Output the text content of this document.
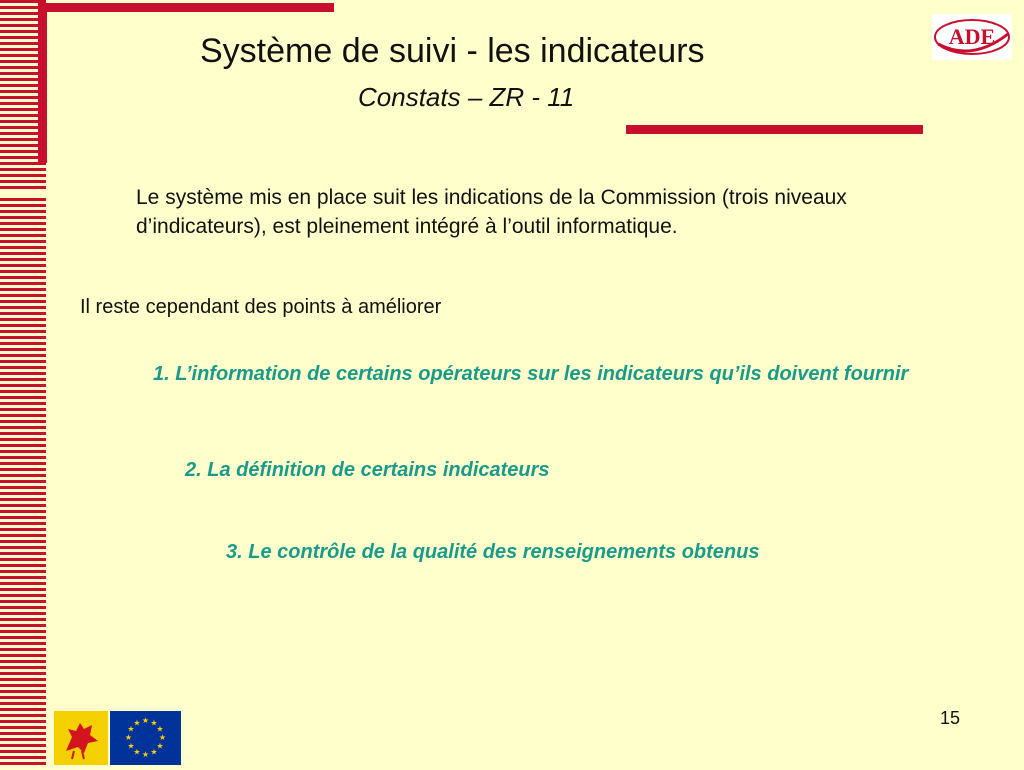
ADE
Système de suivi - les indicateurs
Constats – ZR - 11
Le système mis en place suit les indications de la Commission (trois niveaux d’indicateurs), est pleinement intégré à l’outil informatique.
Il reste cependant des points à améliorer
1. L’information de certains opérateurs sur les indicateurs qu’ils doivent fournir
2. La définition de certains indicateurs
3. Le contrôle de la qualité des renseignements obtenus
15
★ ★
★
★
★
★
★
★
★
★
★
★
